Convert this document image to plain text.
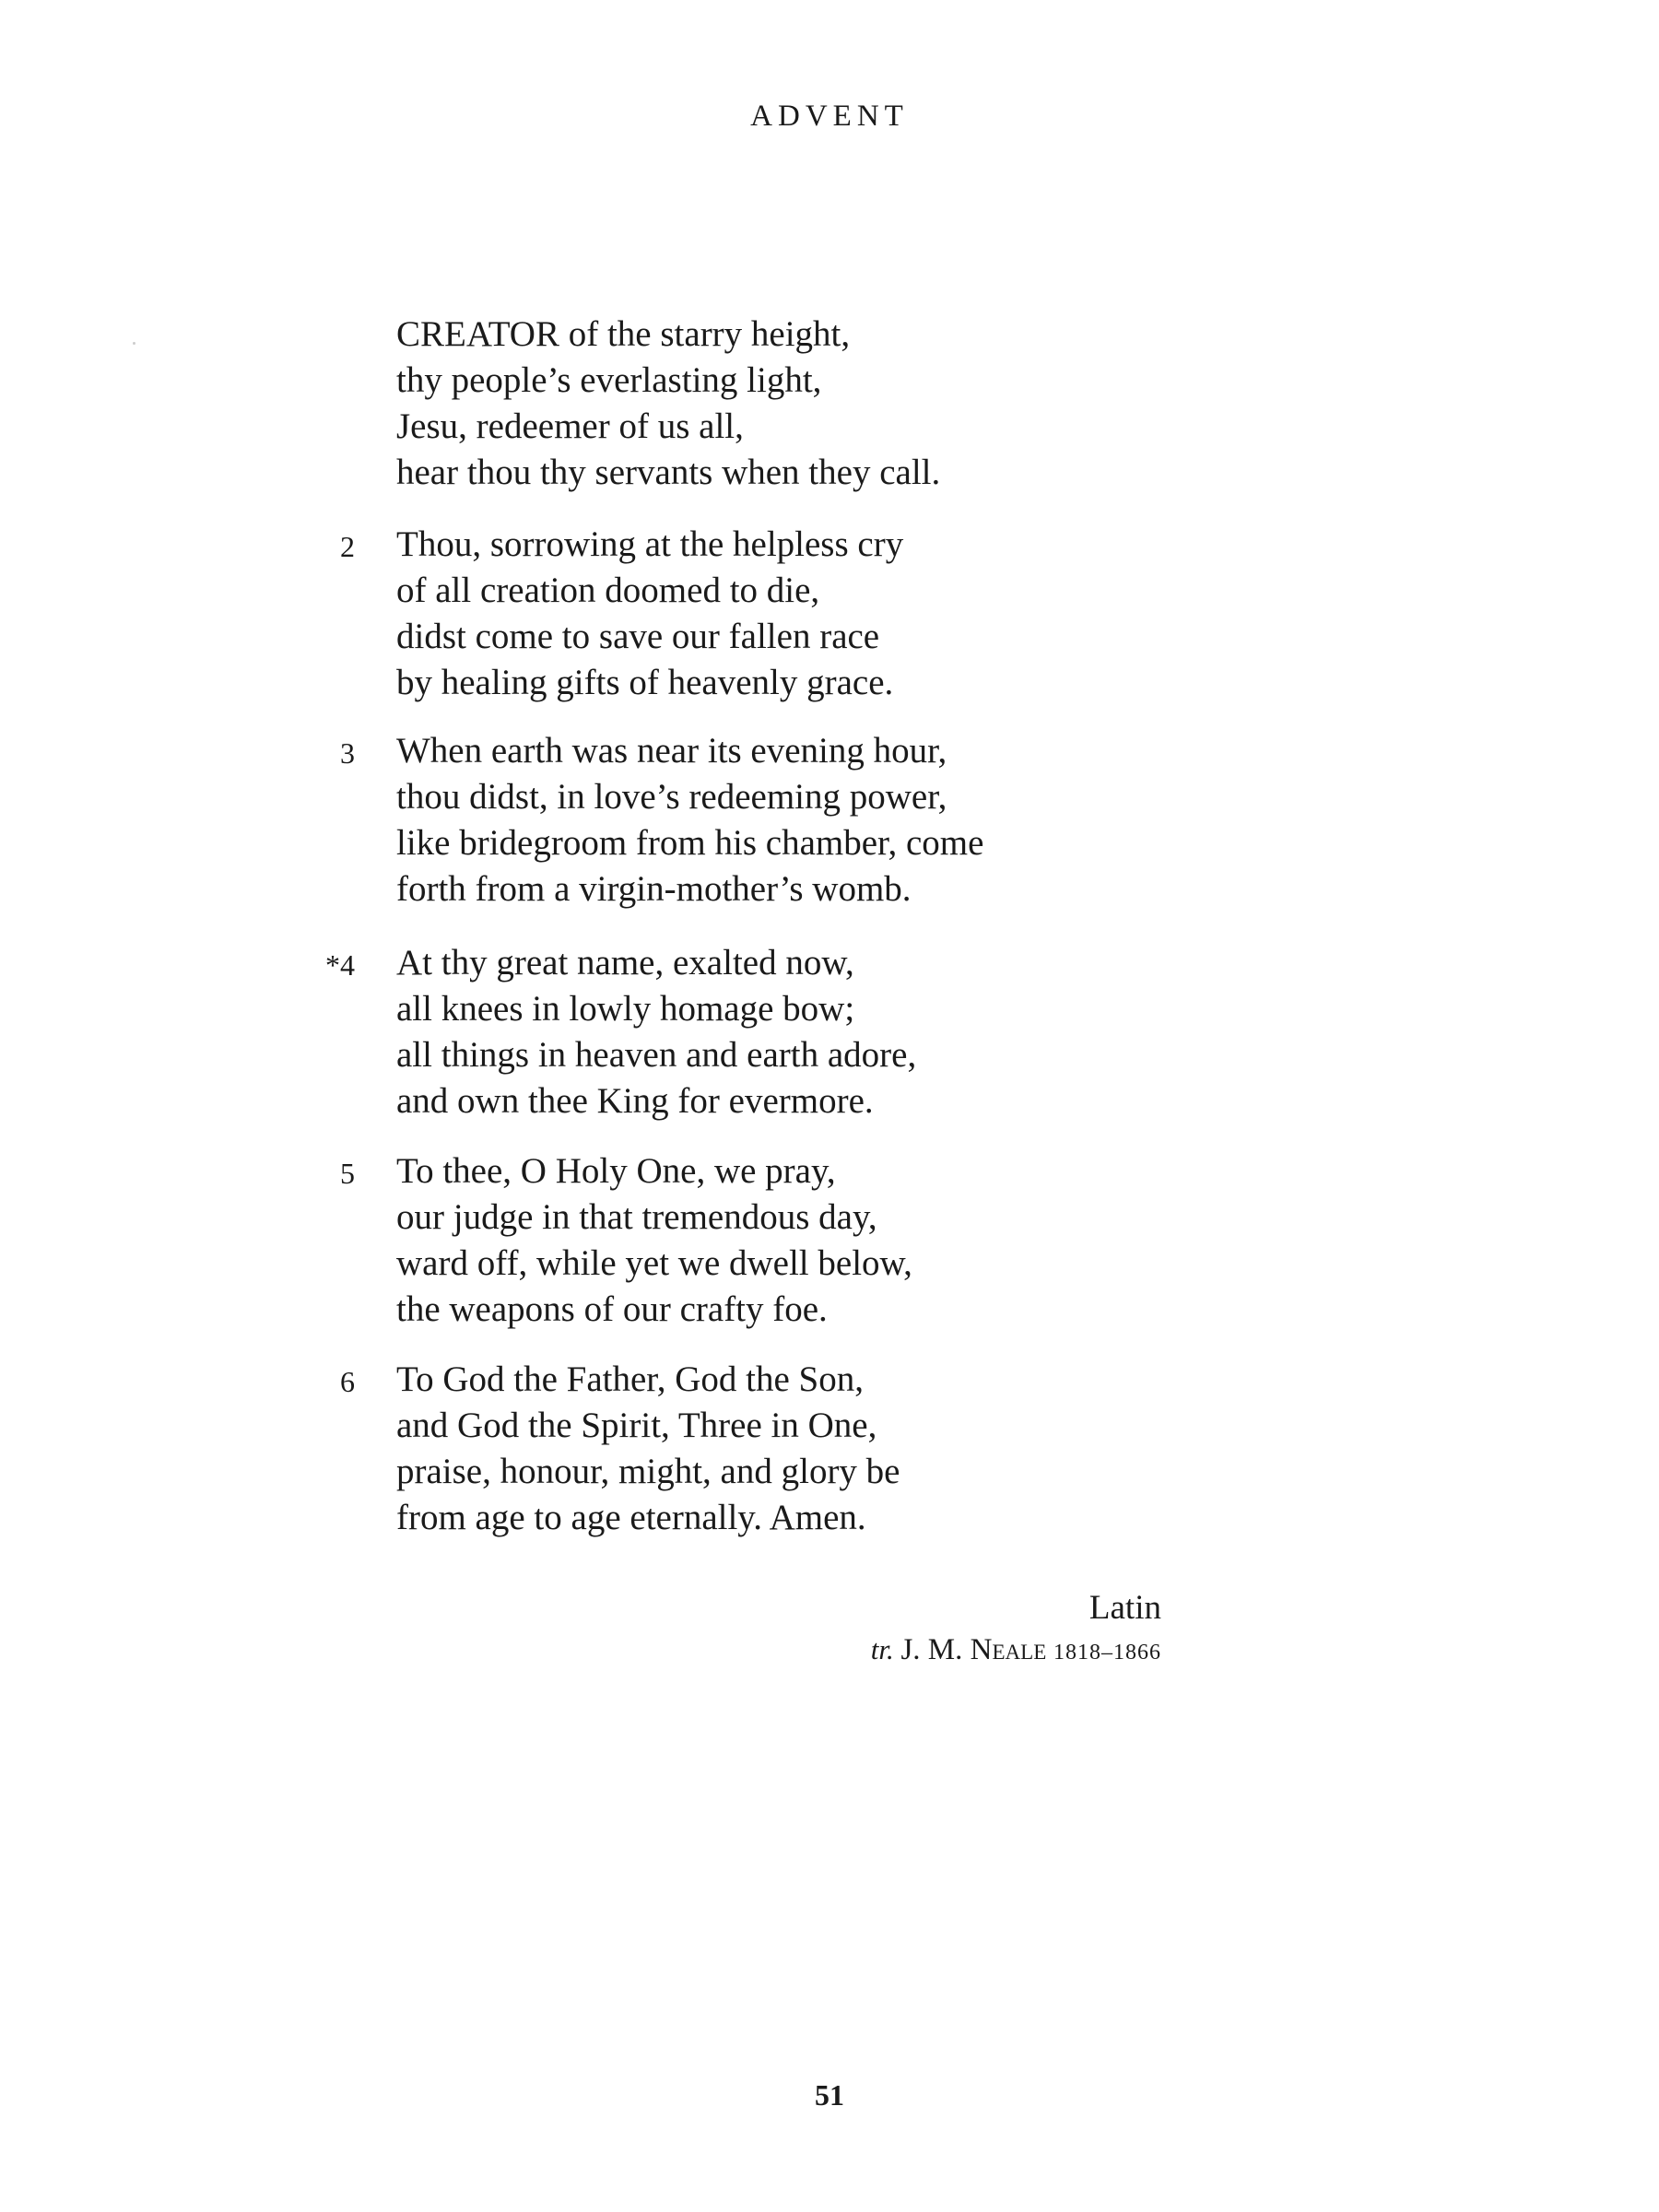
ADVENT
CREATOR of the starry height,
thy people’s everlasting light,
Jesu, redeemer of us all,
hear thou thy servants when they call.
2 Thou, sorrowing at the helpless cry
of all creation doomed to die,
didst come to save our fallen race
by healing gifts of heavenly grace.
3 When earth was near its evening hour,
thou didst, in love’s redeeming power,
like bridegroom from his chamber, come
forth from a virgin-mother’s womb.
*4 At thy great name, exalted now,
all knees in lowly homage bow;
all things in heaven and earth adore,
and own thee King for evermore.
5 To thee, O Holy One, we pray,
our judge in that tremendous day,
ward off, while yet we dwell below,
the weapons of our crafty foe.
6 To God the Father, God the Son,
and God the Spirit, Three in One,
praise, honour, might, and glory be
from age to age eternally. Amen.
Latin
tr. J. M. Neale 1818–1866
51
